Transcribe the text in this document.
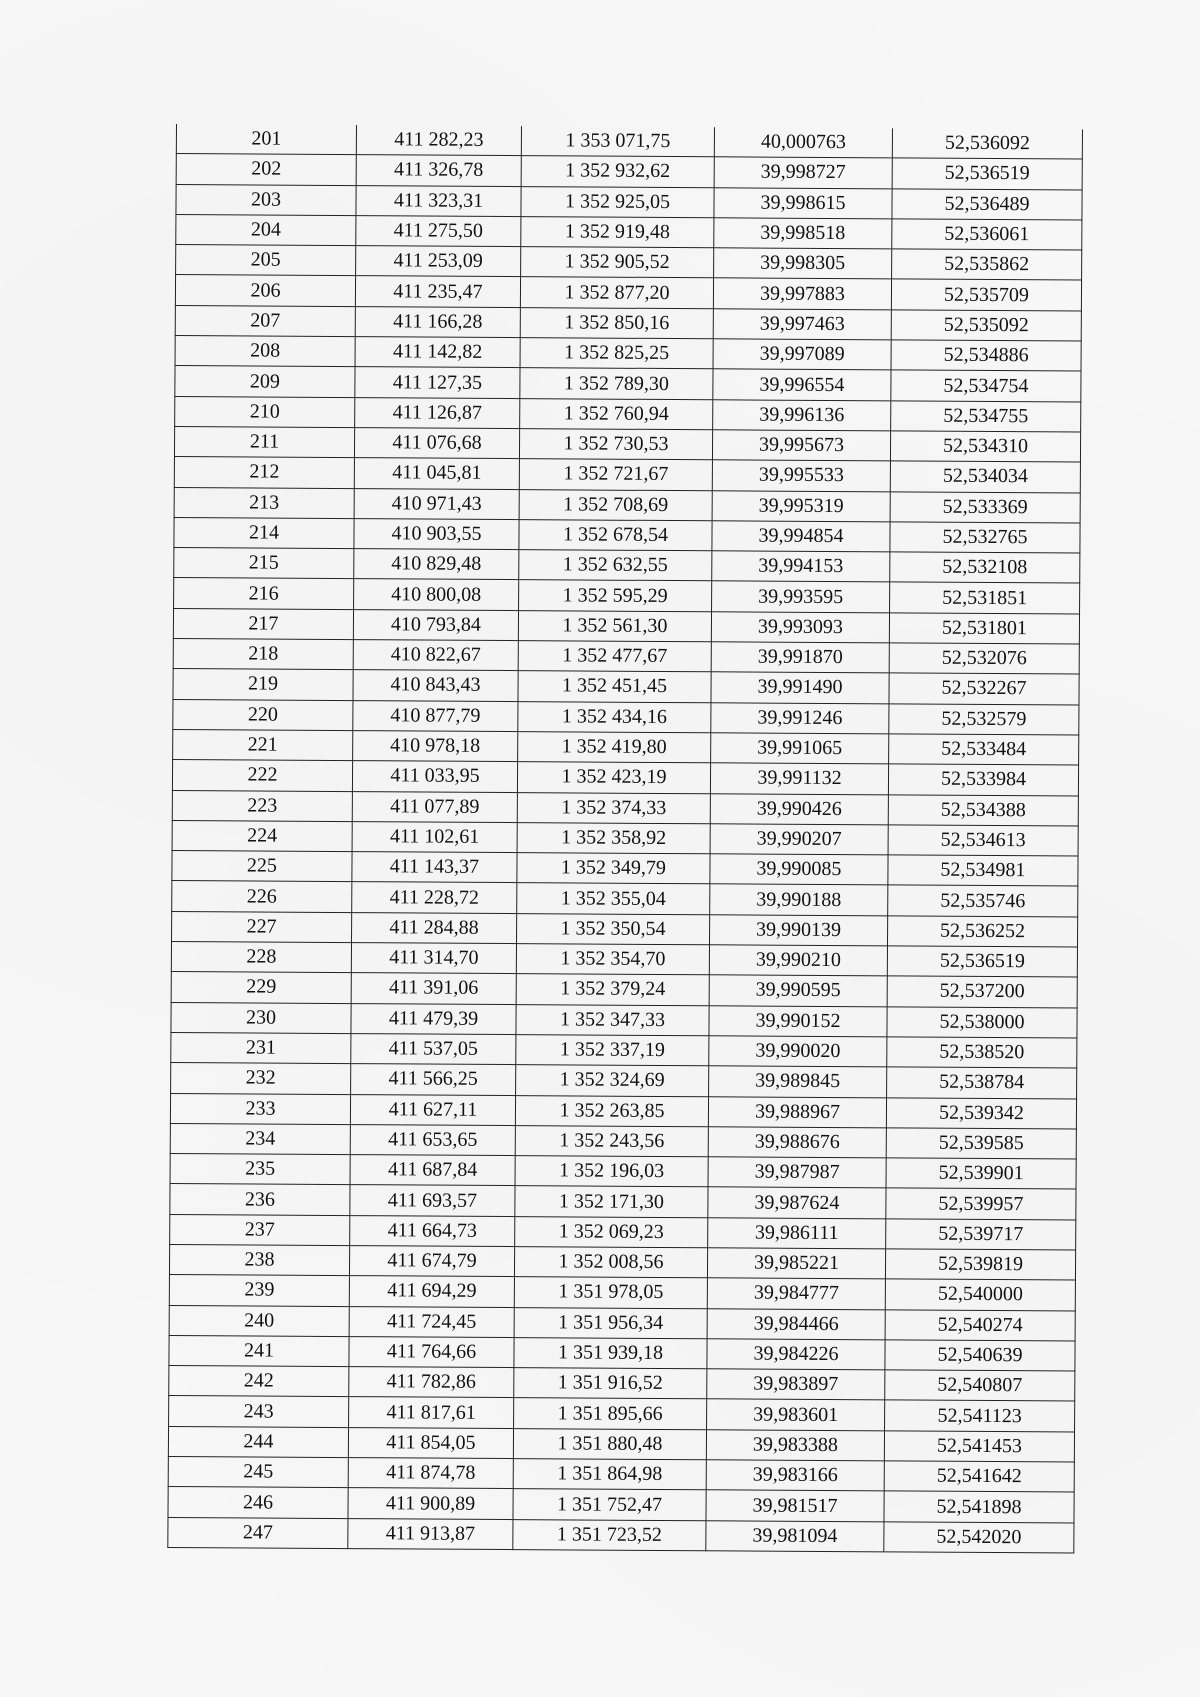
201	411 282,23	1 353 071,75	40,000763	52,536092
202	411 326,78	1 352 932,62	39,998727	52,536519
203	411 323,31	1 352 925,05	39,998615	52,536489
204	411 275,50	1 352 919,48	39,998518	52,536061
205	411 253,09	1 352 905,52	39,998305	52,535862
206	411 235,47	1 352 877,20	39,997883	52,535709
207	411 166,28	1 352 850,16	39,997463	52,535092
208	411 142,82	1 352 825,25	39,997089	52,534886
209	411 127,35	1 352 789,30	39,996554	52,534754
210	411 126,87	1 352 760,94	39,996136	52,534755
211	411 076,68	1 352 730,53	39,995673	52,534310
212	411 045,81	1 352 721,67	39,995533	52,534034
213	410 971,43	1 352 708,69	39,995319	52,533369
214	410 903,55	1 352 678,54	39,994854	52,532765
215	410 829,48	1 352 632,55	39,994153	52,532108
216	410 800,08	1 352 595,29	39,993595	52,531851
217	410 793,84	1 352 561,30	39,993093	52,531801
218	410 822,67	1 352 477,67	39,991870	52,532076
219	410 843,43	1 352 451,45	39,991490	52,532267
220	410 877,79	1 352 434,16	39,991246	52,532579
221	410 978,18	1 352 419,80	39,991065	52,533484
222	411 033,95	1 352 423,19	39,991132	52,533984
223	411 077,89	1 352 374,33	39,990426	52,534388
224	411 102,61	1 352 358,92	39,990207	52,534613
225	411 143,37	1 352 349,79	39,990085	52,534981
226	411 228,72	1 352 355,04	39,990188	52,535746
227	411 284,88	1 352 350,54	39,990139	52,536252
228	411 314,70	1 352 354,70	39,990210	52,536519
229	411 391,06	1 352 379,24	39,990595	52,537200
230	411 479,39	1 352 347,33	39,990152	52,538000
231	411 537,05	1 352 337,19	39,990020	52,538520
232	411 566,25	1 352 324,69	39,989845	52,538784
233	411 627,11	1 352 263,85	39,988967	52,539342
234	411 653,65	1 352 243,56	39,988676	52,539585
235	411 687,84	1 352 196,03	39,987987	52,539901
236	411 693,57	1 352 171,30	39,987624	52,539957
237	411 664,73	1 352 069,23	39,986111	52,539717
238	411 674,79	1 352 008,56	39,985221	52,539819
239	411 694,29	1 351 978,05	39,984777	52,540000
240	411 724,45	1 351 956,34	39,984466	52,540274
241	411 764,66	1 351 939,18	39,984226	52,540639
242	411 782,86	1 351 916,52	39,983897	52,540807
243	411 817,61	1 351 895,66	39,983601	52,541123
244	411 854,05	1 351 880,48	39,983388	52,541453
245	411 874,78	1 351 864,98	39,983166	52,541642
246	411 900,89	1 351 752,47	39,981517	52,541898
247	411 913,87	1 351 723,52	39,981094	52,542020
